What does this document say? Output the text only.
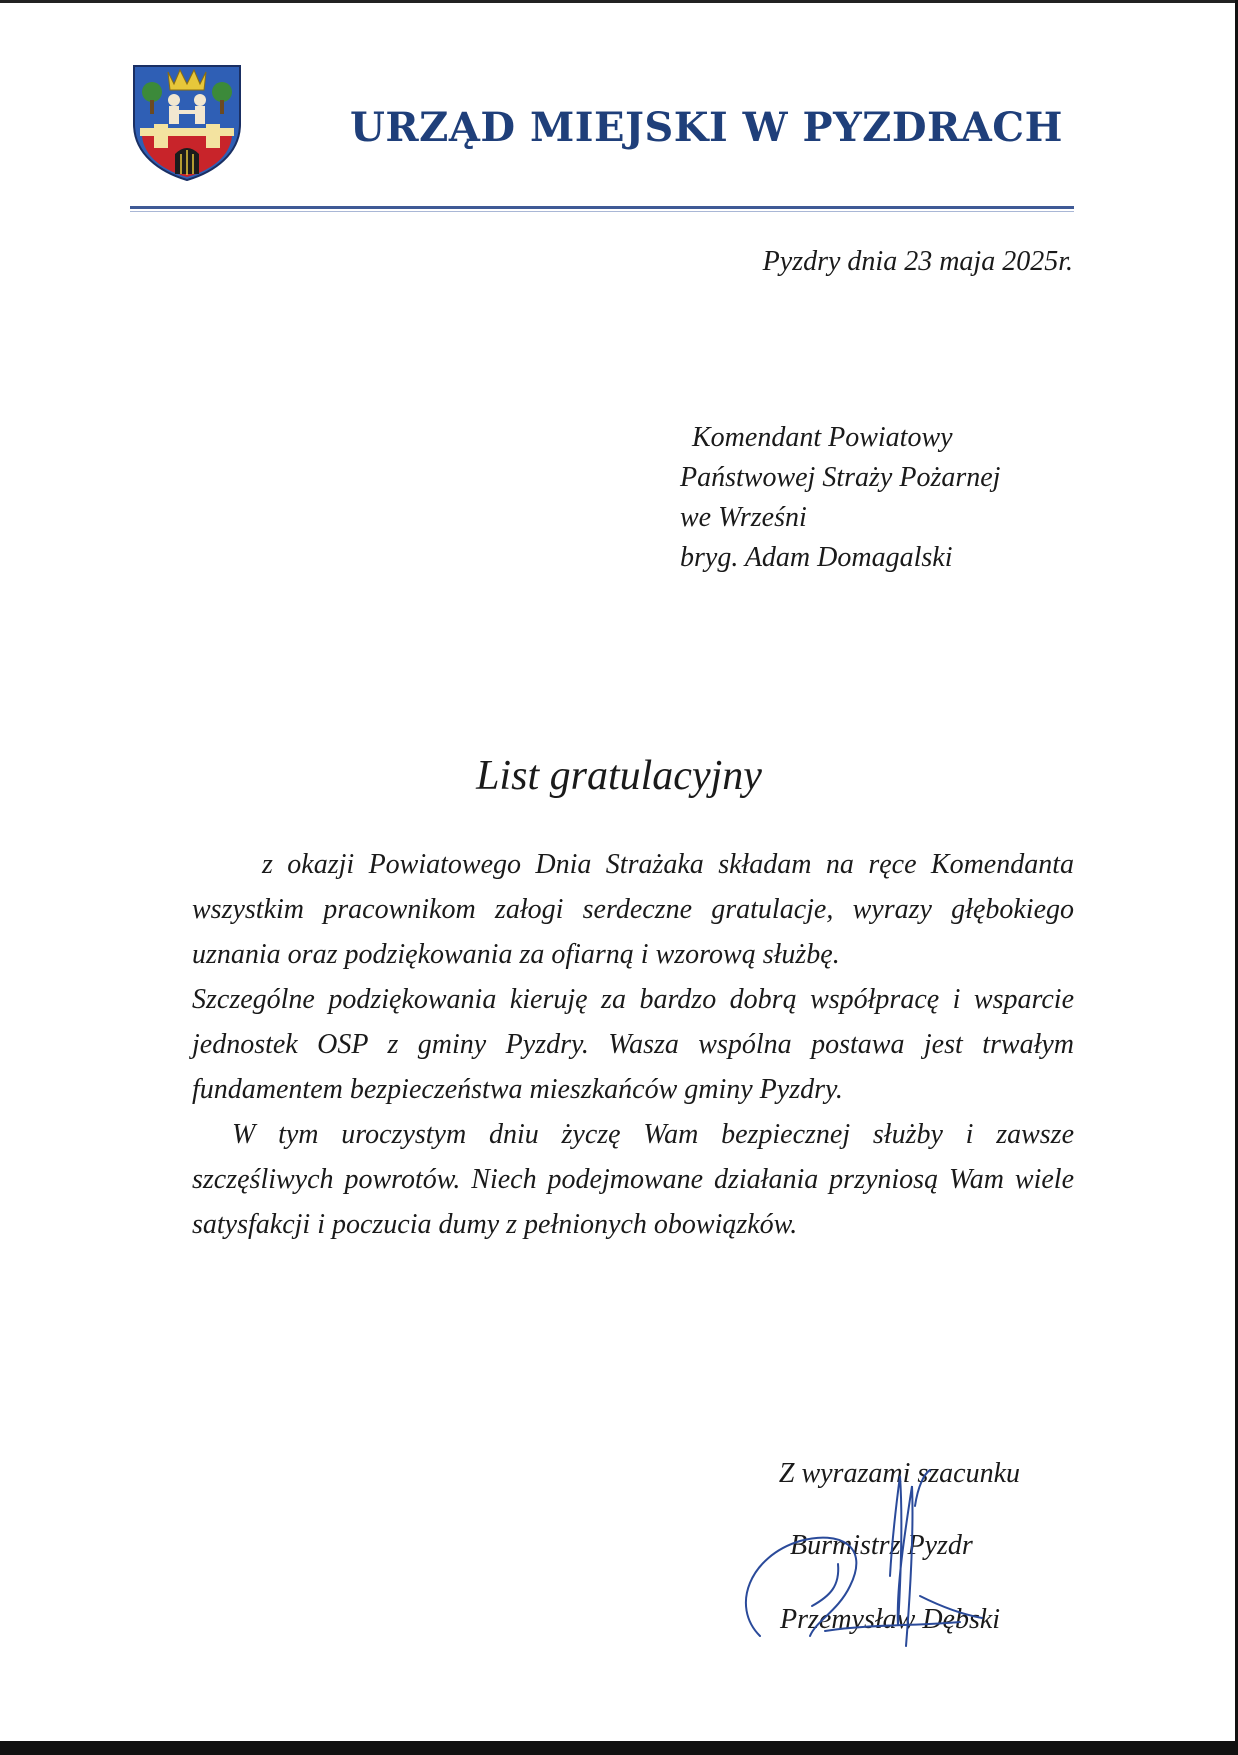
URZĄD MIEJSKI W PYZDRACH
Pyzdry dnia 23 maja 2025r.
Komendant Powiatowy
Państwowej Straży Pożarnej
we Wrześni
bryg. Adam Domagalski
List gratulacyjny

z okazji Powiatowego Dnia Strażaka składam na ręce Komendanta wszystkim pracownikom załogi serdeczne gratulacje, wyrazy głębokiego uznania oraz podziękowania za ofiarną i wzorową służbę.

Szczególne podziękowania kieruję za bardzo dobrą współpracę i wsparcie jednostek OSP z gminy Pyzdry. Wasza wspólna postawa jest trwałym fundamentem bezpieczeństwa mieszkańców gminy Pyzdry.

W tym uroczystym dniu życzę Wam bezpiecznej służby i zawsze szczęśliwych powrotów. Niech podejmowane działania przyniosą Wam wiele satysfakcji i poczucia dumy z pełnionych obowiązków.

Z wyrazami szacunku
Burmistrz Pyzdr
Przemysław Dębski
